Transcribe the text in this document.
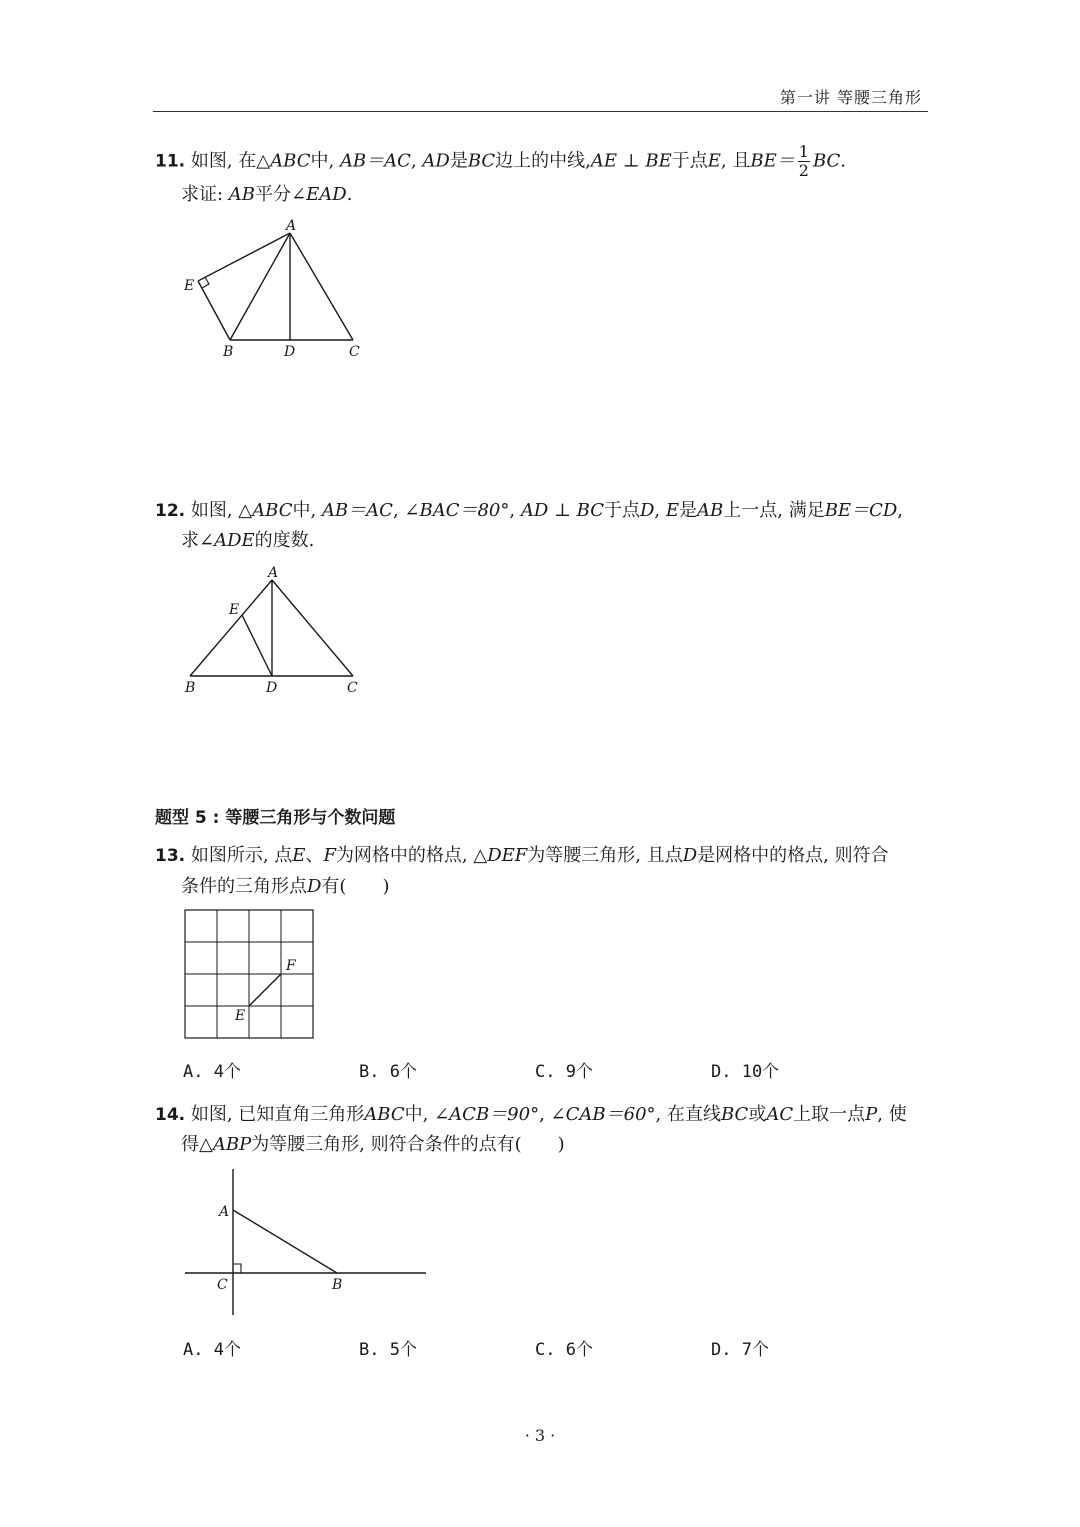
第一讲 等腰三角形
11. 如图, 在△ABC中, AB＝AC, AD是BC边上的中线,AE ⊥ BE于点E, 且$BE= \frac{1}{2}$ BC.
求证: AB平分∠EAD.
A
E
B	D	C
12. 如图, △ABC中, AB＝AC, ∠BAC＝80°, AD ⊥ BC于点D, E是AB上一点, 满足BE＝CD,
求∠ADE的度数.
A
E
B	D	C
题型 5 : 等腰三角形与个数问题
13. 如图所示, 点E、F为网格中的格点, △DEF为等腰三角形, 且点D是网格中的格点, 则符合
条件的三角形点D有(　　)
F
E
A. 4个	B. 6个	C. 9个	D. 10个
14. 如图, 已知直角三角形ABC中, ∠ACB＝90°, ∠CAB＝60°, 在直线BC或AC上取一点P, 使
得△ABP为等腰三角形, 则符合条件的点有(　　)
A
C	B
A. 4个	B. 5个	C. 6个	D. 7个
· 3 ·
